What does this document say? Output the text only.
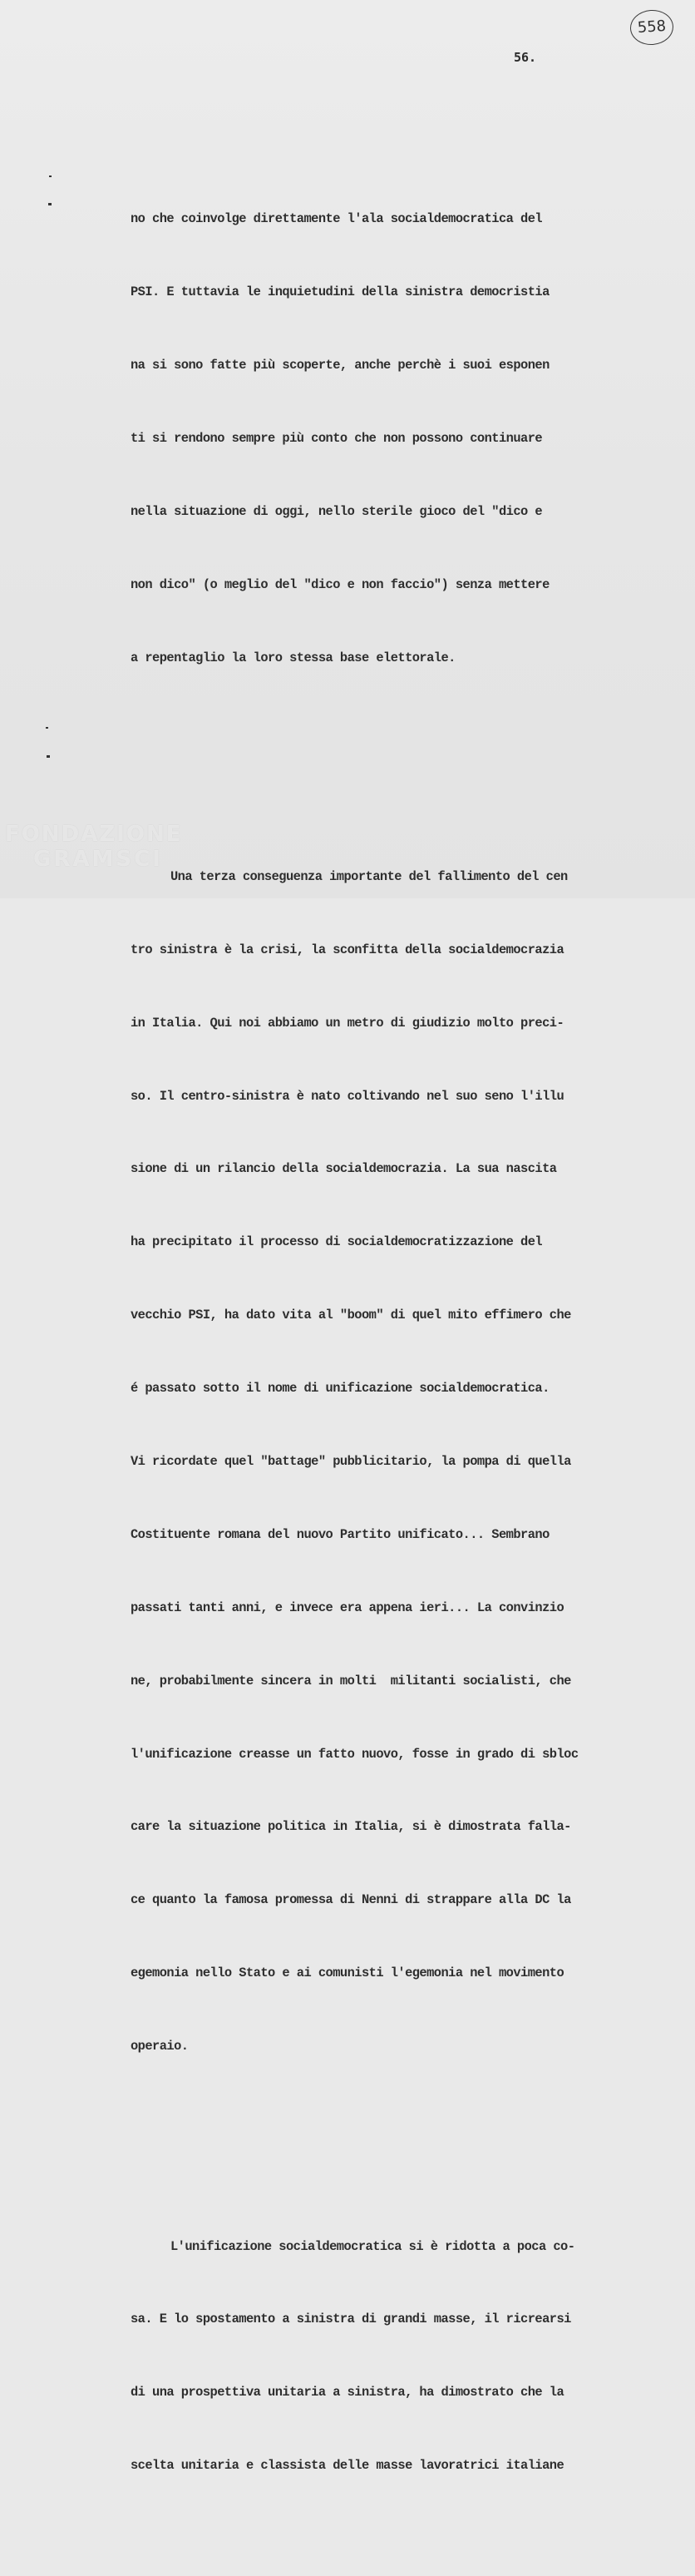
558
56.

no che coinvolge direttamente l'ala socialdemocratica del

PSI. E tuttavia le inquietudini della sinistra democristia

na si sono fatte più scoperte, anche perchè i suoi esponen

ti si rendono sempre più conto che non possono continuare

nella situazione di oggi, nello sterile gioco del "dico e

non dico" (o meglio del "dico e non faccio") senza mettere

a repentaglio la loro stessa base elettorale.

Una terza conseguenza importante del fallimento del cen

tro sinistra è la crisi, la sconfitta della socialdemocrazia

in Italia. Qui noi abbiamo un metro di giudizio molto preci-

so. Il centro-sinistra è nato coltivando nel suo seno l'illu

sione di un rilancio della socialdemocrazia. La sua nascita

ha precipitato il processo di socialdemocratizzazione del

vecchio PSI, ha dato vita al "boom" di quel mito effimero che

é passato sotto il nome di unificazione socialdemocratica.

Vi ricordate quel "battage" pubblicitario, la pompa di quella

Costituente romana del nuovo Partito unificato... Sembrano

passati tanti anni, e invece era appena ieri... La convinzio

ne, probabilmente sincera in molti  militanti socialisti, che

l'unificazione creasse un fatto nuovo, fosse in grado di sbloc

care la situazione politica in Italia, si è dimostrata falla-

ce quanto la famosa promessa di Nenni di strappare alla DC la

egemonia nello Stato e ai comunisti l'egemonia nel movimento

operaio.

L'unificazione socialdemocratica si è ridotta a poca co-

sa. E lo spostamento a sinistra di grandi masse, il ricrearsi

di una prospettiva unitaria a sinistra, ha dimostrato che la

scelta unitaria e classista delle masse lavoratrici italiane

FONDAZIONE
GRAMSCI
